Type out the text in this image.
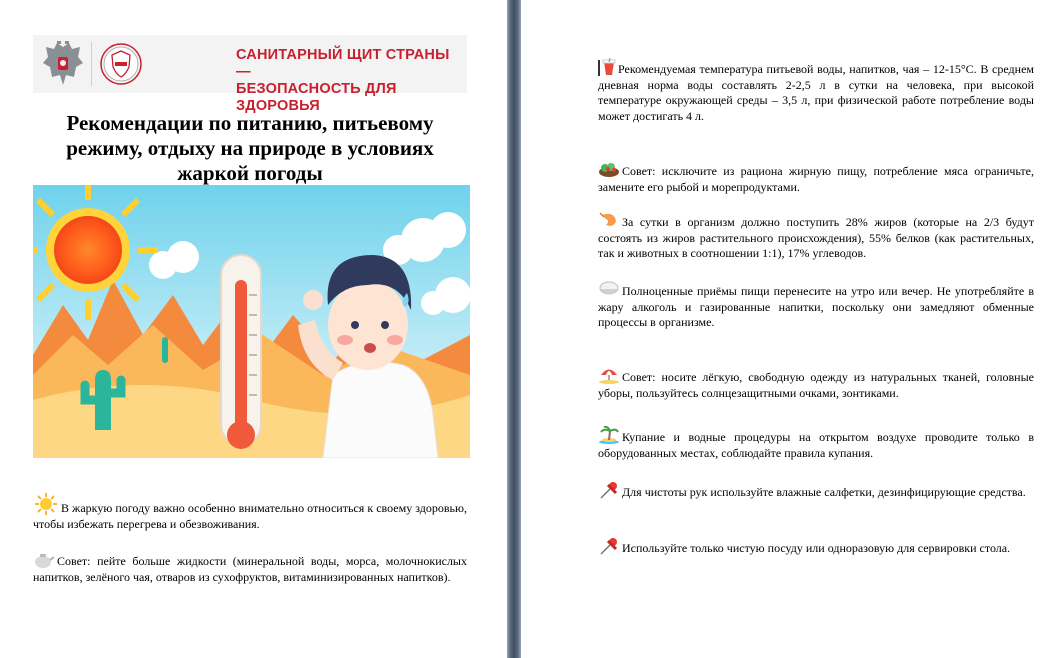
САНИТАРНЫЙ ЩИТ СТРАНЫ —
БЕЗОПАСНОСТЬ ДЛЯ ЗДОРОВЬЯ
Рекомендации по питанию, питьевому режиму, отдыху на природе в условиях жаркой погоды
В жаркую погоду важно особенно внимательно относиться к своему здоровью, чтобы избежать перегрева и обезвоживания.
Совет: пейте больше жидкости (минеральной воды, морса, молочнокислых напитков, зелёного чая, отваров из сухофруктов, витаминизированных напитков).
Рекомендуемая температура питьевой воды, напитков, чая – 12-15°С. В среднем дневная норма воды составлять 2-2,5 л в сутки на человека, при высокой температуре окружающей среды – 3,5 л, при физической работе потребление воды может достигать 4 л.
Совет: исключите из рациона жирную пищу, потребление мяса ограничьте, замените его рыбой и морепродуктами.
За сутки в организм должно поступить 28% жиров (которые на 2/3 будут состоять из жиров растительного происхождения), 55% белков (как растительных, так и животных в соотношении 1:1), 17% углеводов.
Полноценные приёмы пищи перенесите на утро или вечер. Не употребляйте в жару алкоголь и газированные напитки, поскольку они замедляют обменные процессы в организме.
Совет: носите лёгкую, свободную одежду из натуральных тканей, головные уборы, пользуйтесь солнцезащитными очками, зонтиками.
Купание и водные процедуры на открытом воздухе проводите только в оборудованных местах, соблюдайте правила купания.
Для чистоты рук используйте влажные салфетки, дезинфицирующие средства.
Используйте только чистую посуду или одноразовую для сервировки стола.
